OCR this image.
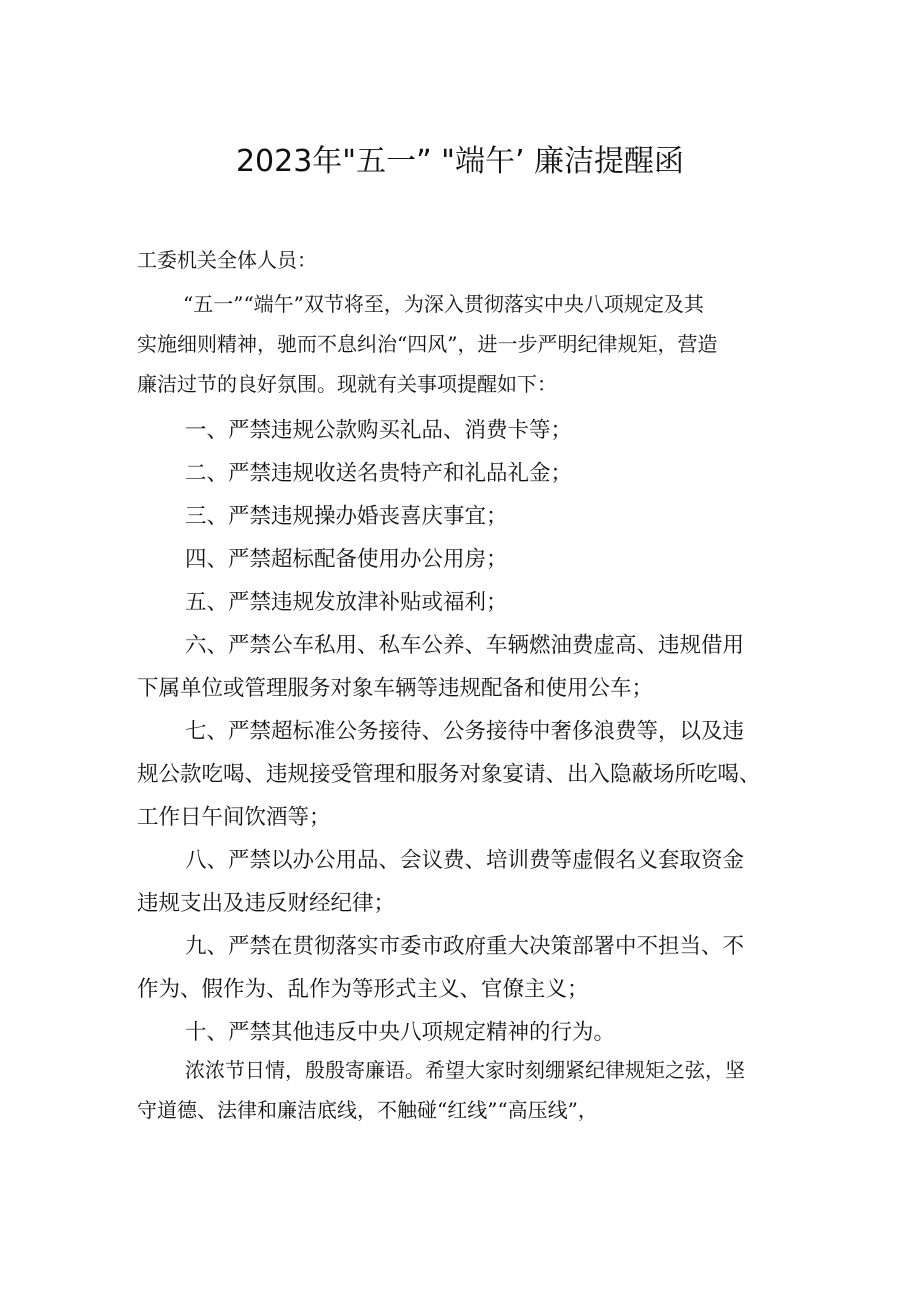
2023年"五一” "端午’ 廉洁提醒函

工委机关全体人员：

“五一”“端午”双节将至，为深入贯彻落实中央八项规定及其
实施细则精神，驰而不息纠治“四风”，进一步严明纪律规矩，营造
廉洁过节的良好氛围。现就有关事项提醒如下：

一、严禁违规公款购买礼品、消费卡等；
二、严禁违规收送名贵特产和礼品礼金；
三、严禁违规操办婚丧喜庆事宜；
四、严禁超标配备使用办公用房；
五、严禁违规发放津补贴或福利；
六、严禁公车私用、私车公养、车辆燃油费虚高、违规借用
下属单位或管理服务对象车辆等违规配备和使用公车；
七、严禁超标准公务接待、公务接待中奢侈浪费等，以及违
规公款吃喝、违规接受管理和服务对象宴请、出入隐蔽场所吃喝、
工作日午间饮酒等；
八、严禁以办公用品、会议费、培训费等虚假名义套取资金
违规支出及违反财经纪律；
九、严禁在贯彻落实市委市政府重大决策部署中不担当、不
作为、假作为、乱作为等形式主义、官僚主义；
十、严禁其他违反中央八项规定精神的行为。

浓浓节日情，殷殷寄廉语。希望大家时刻绷紧纪律规矩之弦，坚
守道德、法律和廉洁底线，不触碰“红线”“高压线”，
